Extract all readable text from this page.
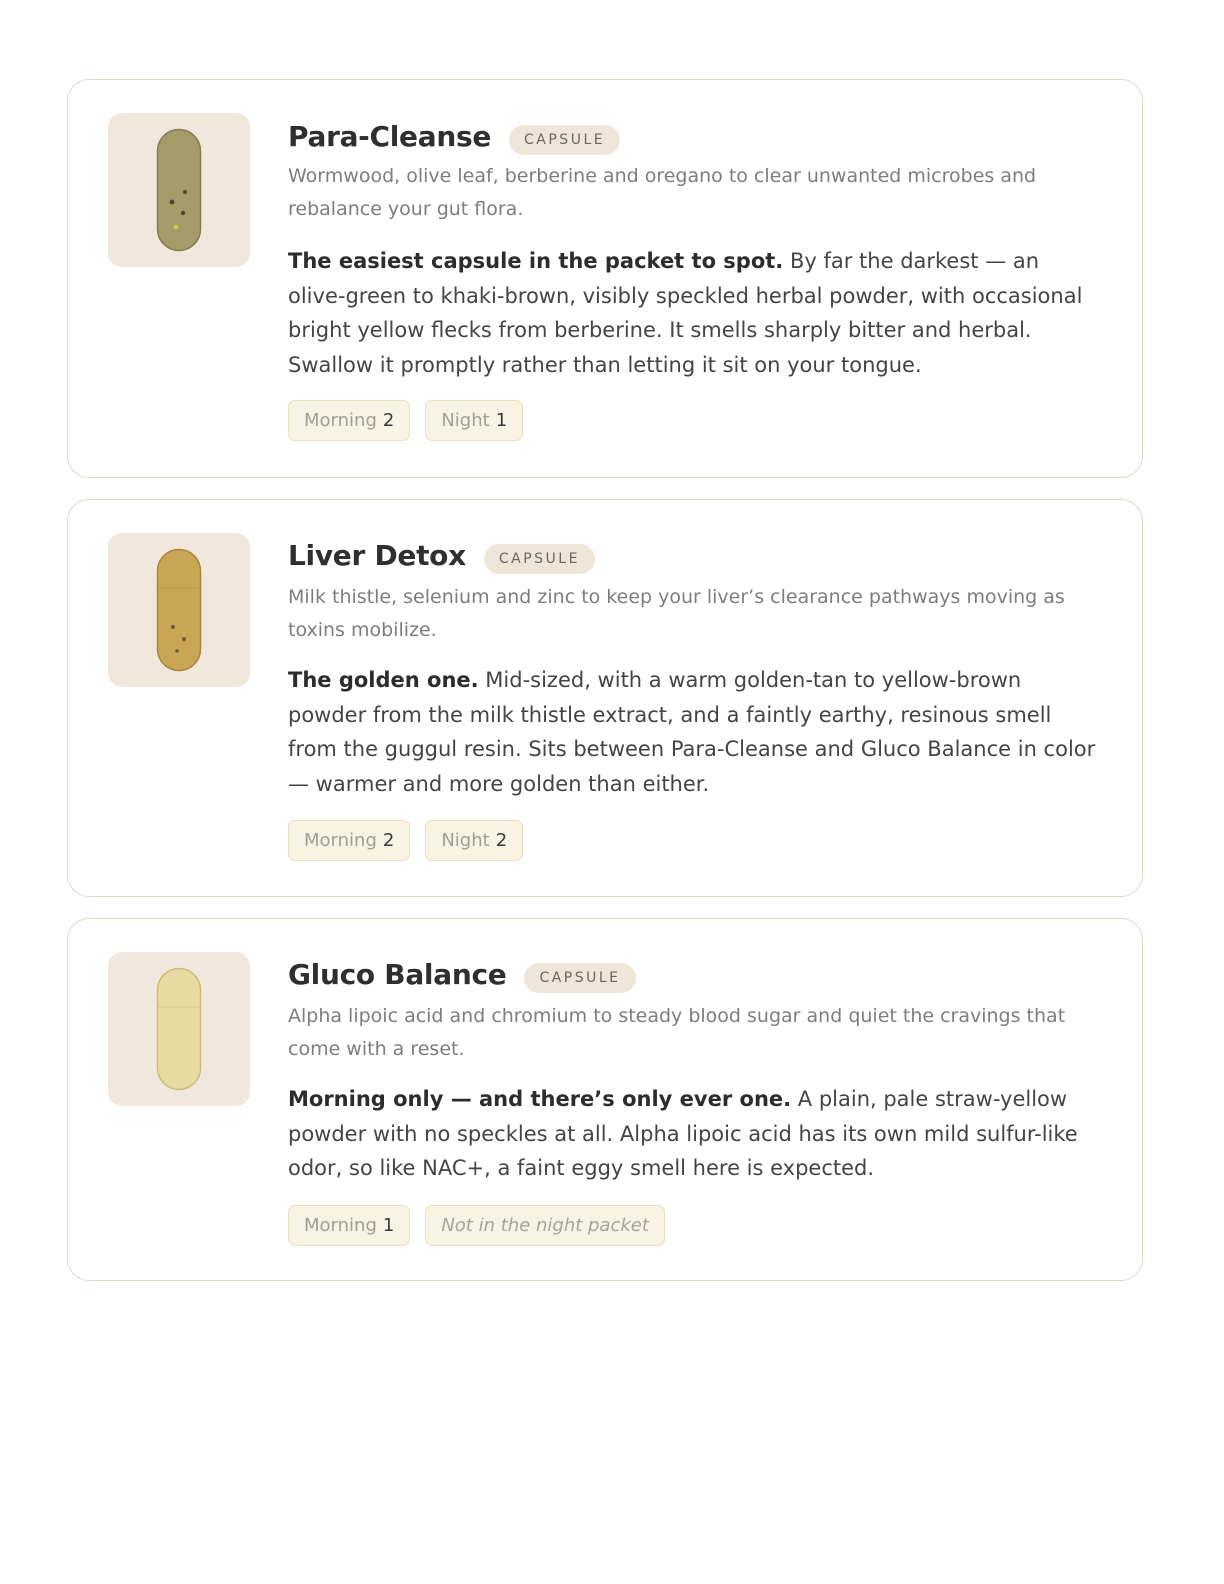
Para-Cleanse	CAPSULE
Wormwood, olive leaf, berberine and oregano to clear unwanted microbes and rebalance your gut flora.
The easiest capsule in the packet to spot. By far the darkest — an olive-green to khaki-brown, visibly speckled herbal powder, with occasional bright yellow flecks from berberine. It smells sharply bitter and herbal. Swallow it promptly rather than letting it sit on your tongue.
Morning 2	Night 1
Liver Detox	CAPSULE
Milk thistle, selenium and zinc to keep your liver’s clearance pathways moving as toxins mobilize.
The golden one. Mid-sized, with a warm golden-tan to yellow-brown powder from the milk thistle extract, and a faintly earthy, resinous smell from the guggul resin. Sits between Para-Cleanse and Gluco Balance in color — warmer and more golden than either.
Morning 2	Night 2
Gluco Balance	CAPSULE
Alpha lipoic acid and chromium to steady blood sugar and quiet the cravings that come with a reset.
Morning only — and there’s only ever one. A plain, pale straw-yellow powder with no speckles at all. Alpha lipoic acid has its own mild sulfur-like odor, so like NAC+, a faint eggy smell here is expected.
Morning 1	Not in the night packet
